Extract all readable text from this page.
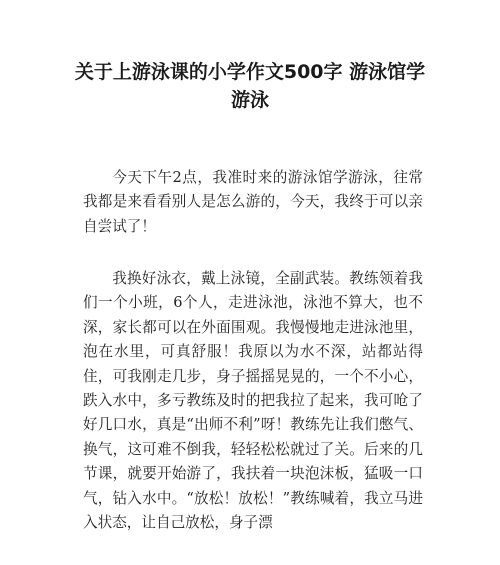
关于上游泳课的小学作文500字 游泳馆学游泳

今天下午2点，我准时来的游泳馆学游泳，往常我都是来看看别人是怎么游的，今天，我终于可以亲自尝试了！

我换好泳衣，戴上泳镜，全副武装。教练领着我们一个小班，6个人，走进泳池，泳池不算大，也不深，家长都可以在外面围观。我慢慢地走进泳池里，泡在水里，可真舒服！我原以为水不深，站都站得住，可我刚走几步，身子摇摇晃晃的，一个不小心，跌入水中，多亏教练及时的把我拉了起来，我可呛了好几口水，真是“出师不利”呀！教练先让我们憋气、换气，这可难不倒我，轻轻松松就过了关。后来的几节课，就要开始游了，我扶着一块泡沫板，猛吸一口气，钻入水中。“放松！放松！”教练喊着，我立马进入状态，让自己放松，身子漂
